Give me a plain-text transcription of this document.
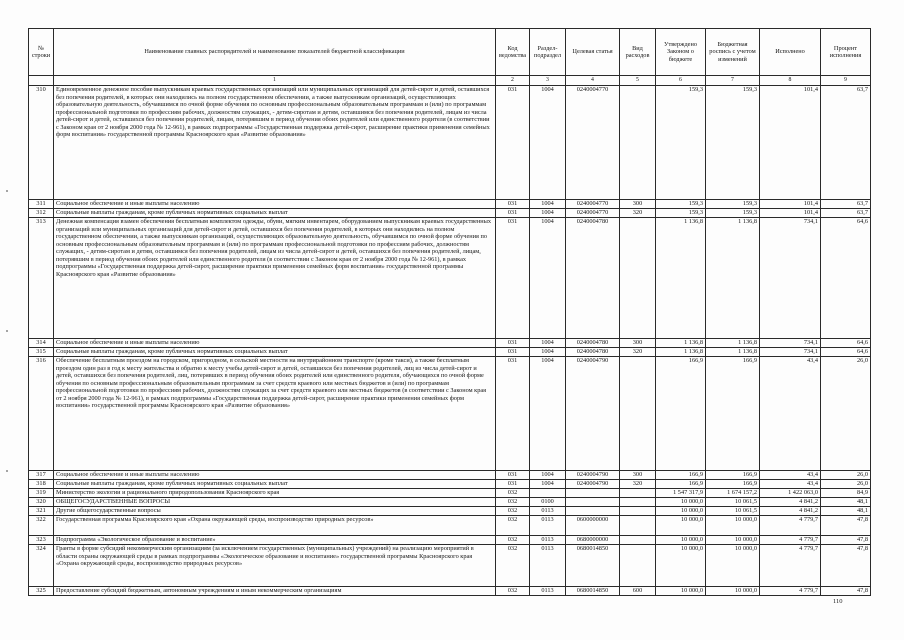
№ строки	Наименование главных распорядителей и наименование показателей бюджетной классификации	Код ведомства	Раздел-подраздел	Целевая статья	Вид расходов	Утверждено Законом о бюджете	Бюджетная роспись с учетом изменений	Исполнено	Процент исполнения
	1	2	3	4	5	6	7	8	9
310	Единовременное денежное пособие выпускникам краевых государственных организаций или муниципальных организаций для детей-сирот и детей, оставшихся без попечения родителей, в которых они находились на полном государственном обеспечении, а также выпускникам организаций, осуществляющих образовательную деятельность, обучавшимся по очной форме обучения по основным профессиональным образовательным программам и (или) по программам профессиональной подготовки по профессиям рабочих, должностям служащих, - детям-сиротам и детям, оставшимся без попечения родителей, лицам из числа детей-сирот и детей, оставшихся без попечения родителей, лицам, потерявшим в период обучения обоих родителей или единственного родителя (в соответствии с Законом края от 2 ноября 2000 года № 12-961), в рамках подпрограммы «Государственная поддержка детей-сирот, расширение практики применения семейных форм воспитания» государственной программы Красноярского края «Развитие образования»	031	1004	0240004770		159,3	159,3	101,4	63,7
311	Социальное обеспечение и иные выплаты населению	031	1004	0240004770	300	159,3	159,3	101,4	63,7
312	Социальные выплаты гражданам, кроме публичных нормативных социальных выплат	031	1004	0240004770	320	159,3	159,3	101,4	63,7
313	Денежная компенсация взамен обеспечения бесплатным комплектом одежды, обуви, мягким инвентарем, оборудованием выпускникам краевых государственных организаций или муниципальных организаций для детей-сирот и детей, оставшихся без попечения родителей, в которых они находились на полном государственном обеспечении, а также выпускникам организаций, осуществляющих образовательную деятельность, обучавшимся по очной форме обучения по основным профессиональным образовательным программам и (или) по программам профессиональной подготовки по профессиям рабочих, должностям служащих, - детям-сиротам и детям, оставшимся без попечения родителей, лицам из числа детей-сирот и детей, оставшихся без попечения родителей, лицам, потерявшим в период обучения обоих родителей или единственного родителя (в соответствии с Законом края от 2 ноября 2000 года № 12-961), в рамках подпрограммы «Государственная поддержка детей-сирот, расширение практики применения семейных форм воспитания» государственной программы Красноярского края «Развитие образования»	031	1004	0240004780		1 136,8	1 136,8	734,1	64,6
314	Социальное обеспечение и иные выплаты населению	031	1004	0240004780	300	1 136,8	1 136,8	734,1	64,6
315	Социальные выплаты гражданам, кроме публичных нормативных социальных выплат	031	1004	0240004780	320	1 136,8	1 136,8	734,1	64,6
316	Обеспечение бесплатным проездом на городском, пригородном, в сельской местности на внутрирайонном транспорте (кроме такси), а также бесплатным проездом один раз в год к месту жительства и обратно к месту учебы детей-сирот и детей, оставшихся без попечения родителей, лиц из числа детей-сирот и детей, оставшихся без попечения родителей, лиц, потерявших в период обучения обоих родителей или единственного родителя, обучающихся по очной форме обучения по основным профессиональным образовательным программам за счет средств краевого или местных бюджетов и (или) по программам профессиональной подготовки по профессиям рабочих, должностям служащих за счет средств краевого или местных бюджетов (в соответствии с Законом края от 2 ноября 2000 года № 12-961), в рамках подпрограммы «Государственная поддержка детей-сирот, расширение практики применения семейных форм воспитания» государственной программы Красноярского края «Развитие образования»	031	1004	0240004790		166,9	166,9	43,4	26,0
317	Социальное обеспечение и иные выплаты населению	031	1004	0240004790	300	166,9	166,9	43,4	26,0
318	Социальные выплаты гражданам, кроме публичных нормативных социальных выплат	031	1004	0240004790	320	166,9	166,9	43,4	26,0
319	Министерство экологии и рационального природопользования Красноярского края	032				1 547 317,9	1 674 157,2	1 422 063,0	84,9
320	ОБЩЕГОСУДАРСТВЕННЫЕ ВОПРОСЫ	032	0100			10 000,0	10 061,5	4 841,2	48,1
321	Другие общегосударственные вопросы	032	0113			10 000,0	10 061,5	4 841,2	48,1
322	Государственная программа Красноярского края «Охрана окружающей среды, воспроизводство природных ресурсов»	032	0113	0600000000		10 000,0	10 000,0	4 779,7	47,8
323	Подпрограмма «Экологическое образование и воспитание»	032	0113	0680000000		10 000,0	10 000,0	4 779,7	47,8
324	Гранты в форме субсидий некоммерческим организациям (за исключением государственных (муниципальных) учреждений) на реализацию мероприятий в области охраны окружающей среды в рамках подпрограммы «Экологическое образование и воспитание» государственной программы Красноярского края «Охрана окружающей среды, воспроизводство природных ресурсов»	032	0113	0680014850		10 000,0	10 000,0	4 779,7	47,8
325	Предоставление субсидий бюджетным, автономным учреждениям и иным некоммерческим организациям	032	0113	0680014850	600	10 000,0	10 000,0	4 779,7	47,8
110
